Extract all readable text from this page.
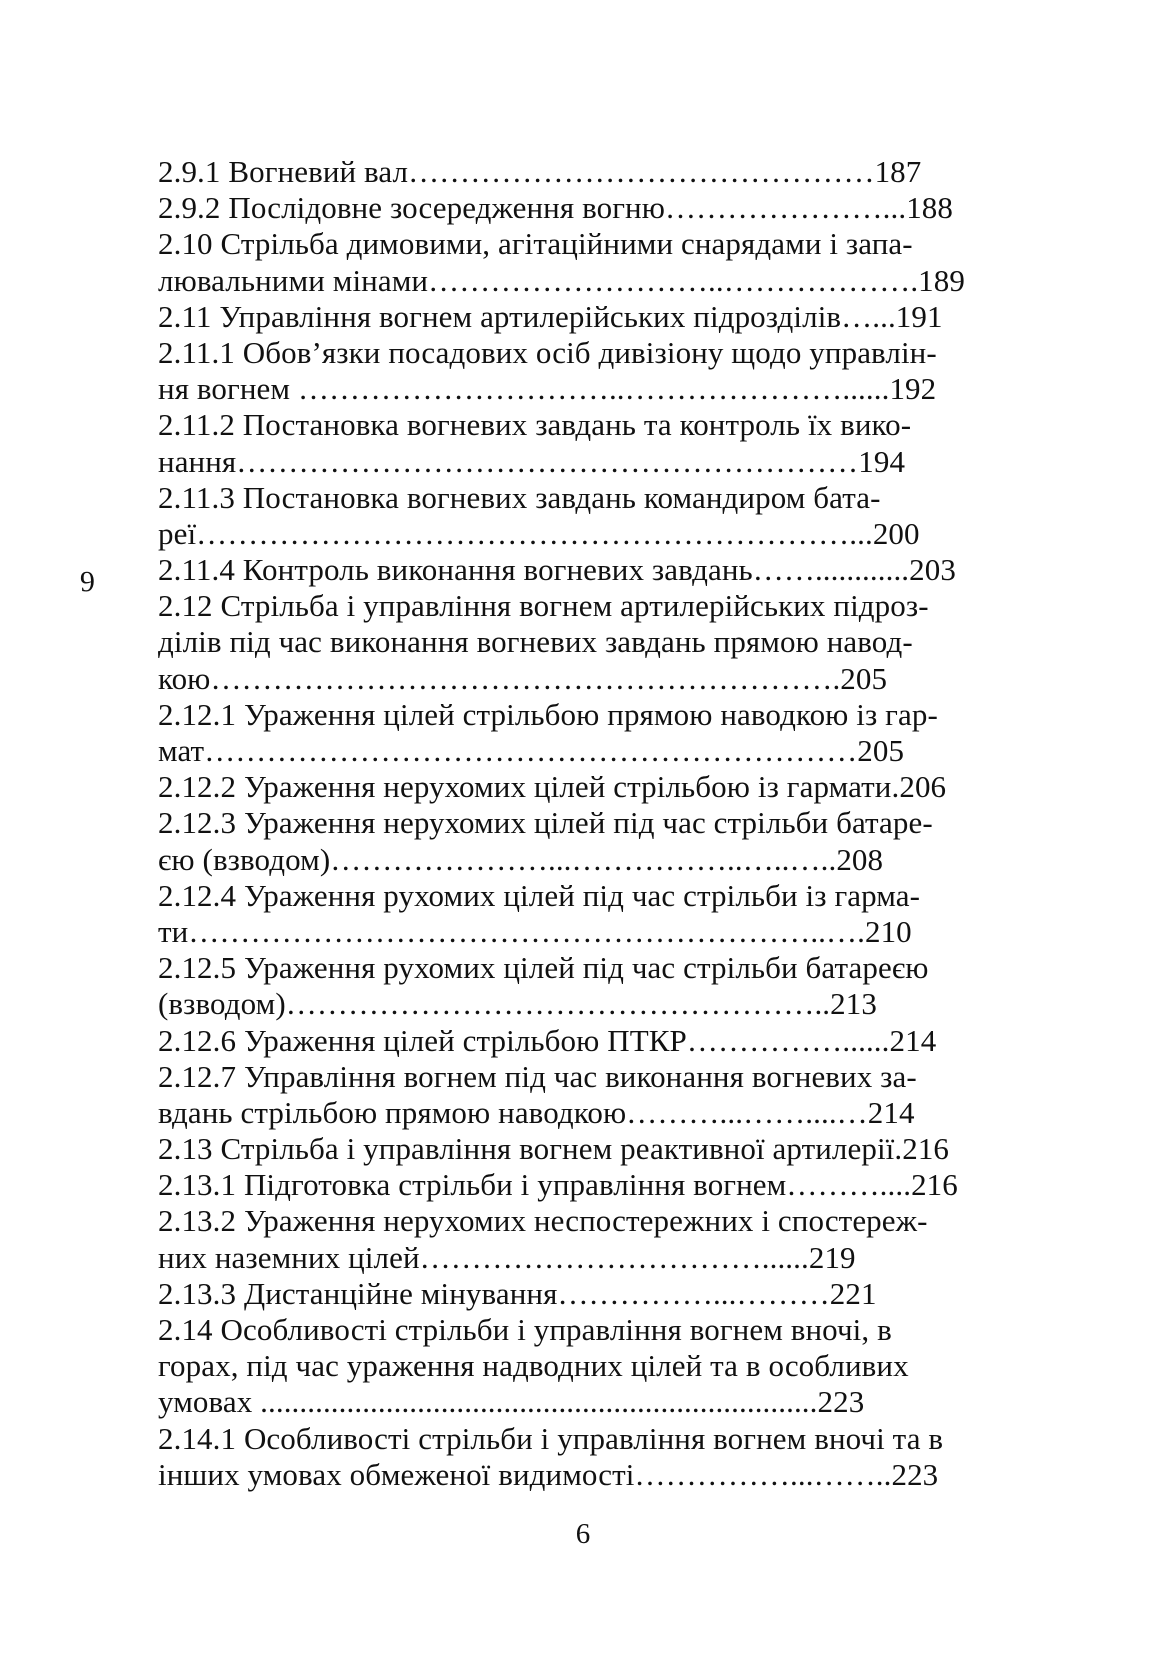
6
2.9.1 Вогневий вал………………………………………187
2.9.2 Послідовне зосередження вогню…………………...188
2.10 Стрільба димовими, агітаційними снарядами і запа-
лювальними мінами………………………..……………….189
2.11 Управління вогнем артилерійських підрозділів…...191
2.11.1 Обов’язки посадових осіб дивізіону щодо управлін-
ня вогнем …………………………..…………………......192
2.11.2 Постановка вогневих завдань та контроль їх вико-
нання……………………………………………………194
2.11.3 Постановка вогневих завдань командиром бата-
реї………………………………………………………...200
2.11.4 Контроль виконання вогневих завдань……............203
2.12 Стрільба і управління вогнем артилерійських підроз-
ділів під час виконання вогневих завдань прямою навод-
кою…………………………………………………….205
2.12.1 Ураження цілей стрільбою прямою наводкою із гар-
мат………………………………………………………205
2.12.2 Ураження нерухомих цілей стрільбою із гармати.206
2.12.3 Ураження нерухомих цілей під час стрільби батаре-
єю (взводом)…………………...……………..…..…..208
2.12.4 Ураження рухомих цілей під час стрільби із гарма-
ти……………………………………………………..….210
2.12.5 Ураження рухомих цілей під час стрільби батареєю
(взводом)……………………………………………..213
2.12.6 Ураження цілей стрільбою ПТКР……………......214
2.12.7 Управління вогнем під час виконання вогневих за-
вдань стрільбою прямою наводкою………...……....…214
2.13 Стрільба і управління вогнем реактивної артилерії.216
2.13.1 Підготовка стрільби і управління вогнем………....216
2.13.2 Ураження нерухомих неспостережних і спостереж-
них наземних цілей……………………………......219
2.13.3 Дистанційне мінування……………...………221
2.14 Особливості стрільби і управління вогнем вночі, в
горах, під час ураження надводних цілей та в особливих
умовах .......................................................................223
2.14.1 Особливості стрільби і управління вогнем вночі та в
інших умовах обмеженої видимості……………...……..223
6
